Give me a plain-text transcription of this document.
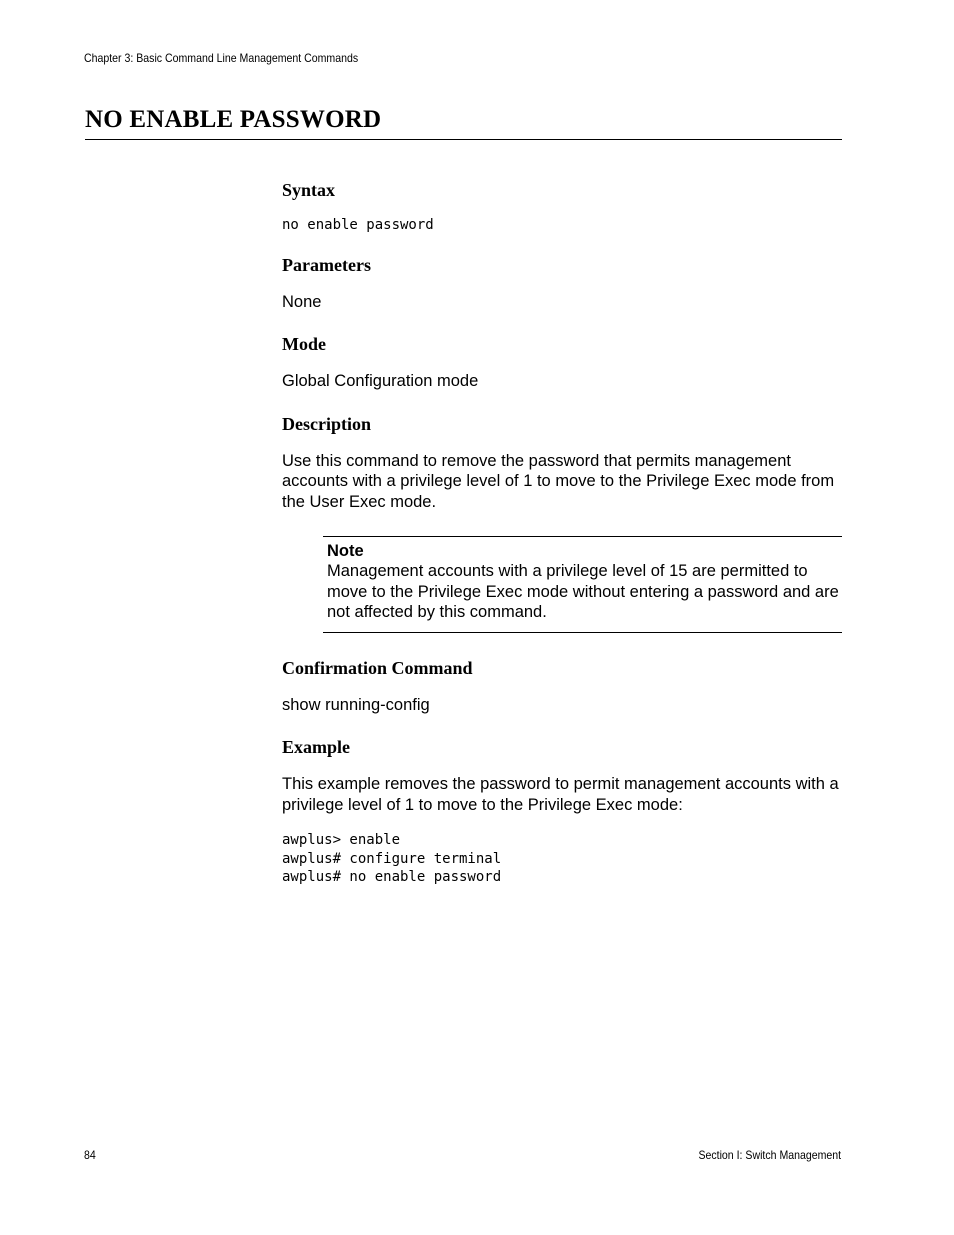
Chapter 3: Basic Command Line Management Commands
NO ENABLE PASSWORD
Syntax
no enable password
Parameters

None

Mode

Global Configuration mode

Description

Use this command to remove the password that permits management accounts with a privilege level of 1 to move to the Privilege Exec mode from the User Exec mode.

Note
Management accounts with a privilege level of 15 are permitted to move to the Privilege Exec mode without entering a password and are not affected by this command.
Confirmation Command

show running-config

Example

This example removes the password to permit management accounts with a privilege level of 1 to move to the Privilege Exec mode:

awplus> enable
awplus# configure terminal
awplus# no enable password
84	Section I: Switch Management
